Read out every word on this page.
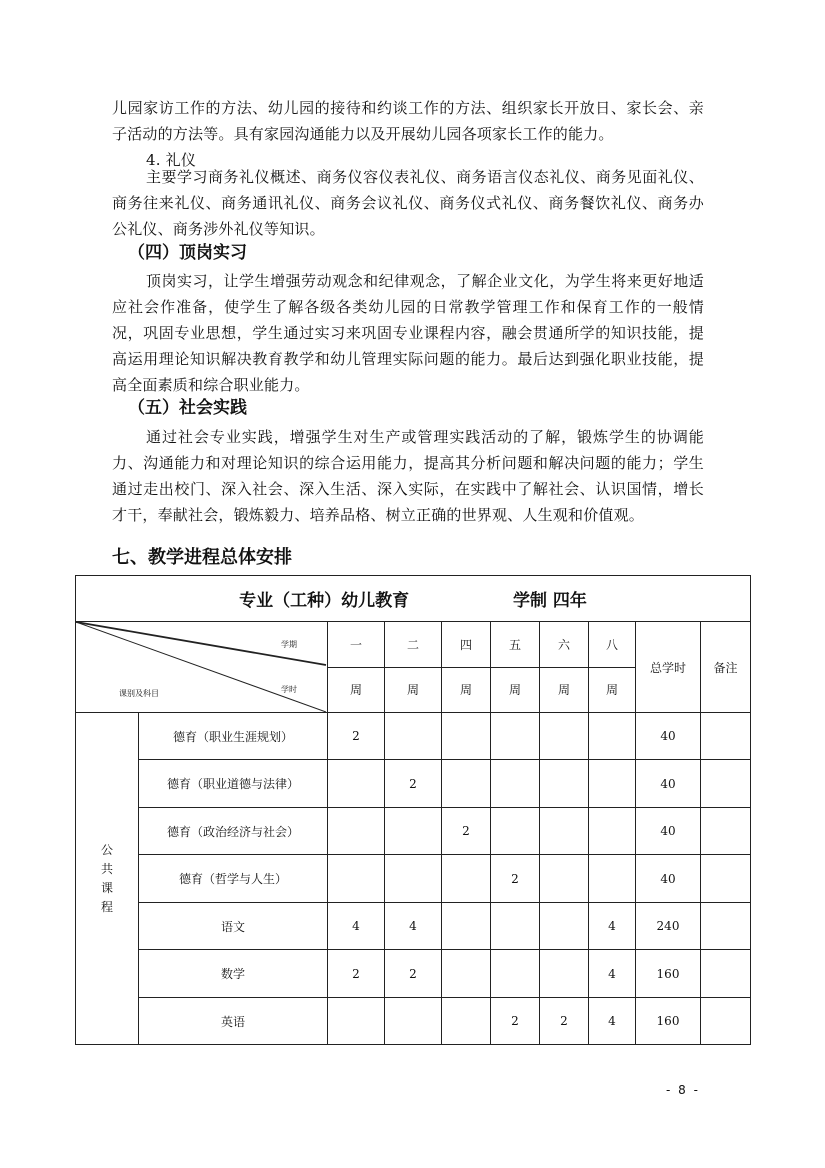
儿园家访工作的方法、幼儿园的接待和约谈工作的方法、组织家长开放日、家长会、亲子活动的方法等。具有家园沟通能力以及开展幼儿园各项家长工作的能力。

4. 礼仪

主要学习商务礼仪概述、商务仪容仪表礼仪、商务语言仪态礼仪、商务见面礼仪、商务往来礼仪、商务通讯礼仪、商务会议礼仪、商务仪式礼仪、商务餐饮礼仪、商务办公礼仪、商务涉外礼仪等知识。

（四）顶岗实习

顶岗实习，让学生增强劳动观念和纪律观念，了解企业文化，为学生将来更好地适应社会作准备，使学生了解各级各类幼儿园的日常教学管理工作和保育工作的一般情况，巩固专业思想，学生通过实习来巩固专业课程内容，融会贯通所学的知识技能，提高运用理论知识解决教育教学和幼儿管理实际问题的能力。最后达到强化职业技能，提高全面素质和综合职业能力。

（五）社会实践

通过社会专业实践，增强学生对生产或管理实践活动的了解，锻炼学生的协调能力、沟通能力和对理论知识的综合运用能力，提高其分析问题和解决问题的能力；学生通过走出校门、深入社会、深入生活、深入实际，在实践中了解社会、认识国情，增长才干，奉献社会，锻炼毅力、培养品格、树立正确的世界观、人生观和价值观。

七、教学进程总体安排
专业（工种）幼儿教育 学制 四年									

学期
学时
课别及科目		一	二	四	五	六	八	总学时	备注
		周	周	周	周	周	周		
公共课程	德育（职业生涯规划）	2						40	
	德育（职业道德与法律）		2					40	
	德育（政治经济与社会）			2				40	
	德育（哲学与人生）				2			40	
	语文	4	4				4	240	
	数学	2	2				4	160	
	英语				2	2	4	160	
- 8 -
